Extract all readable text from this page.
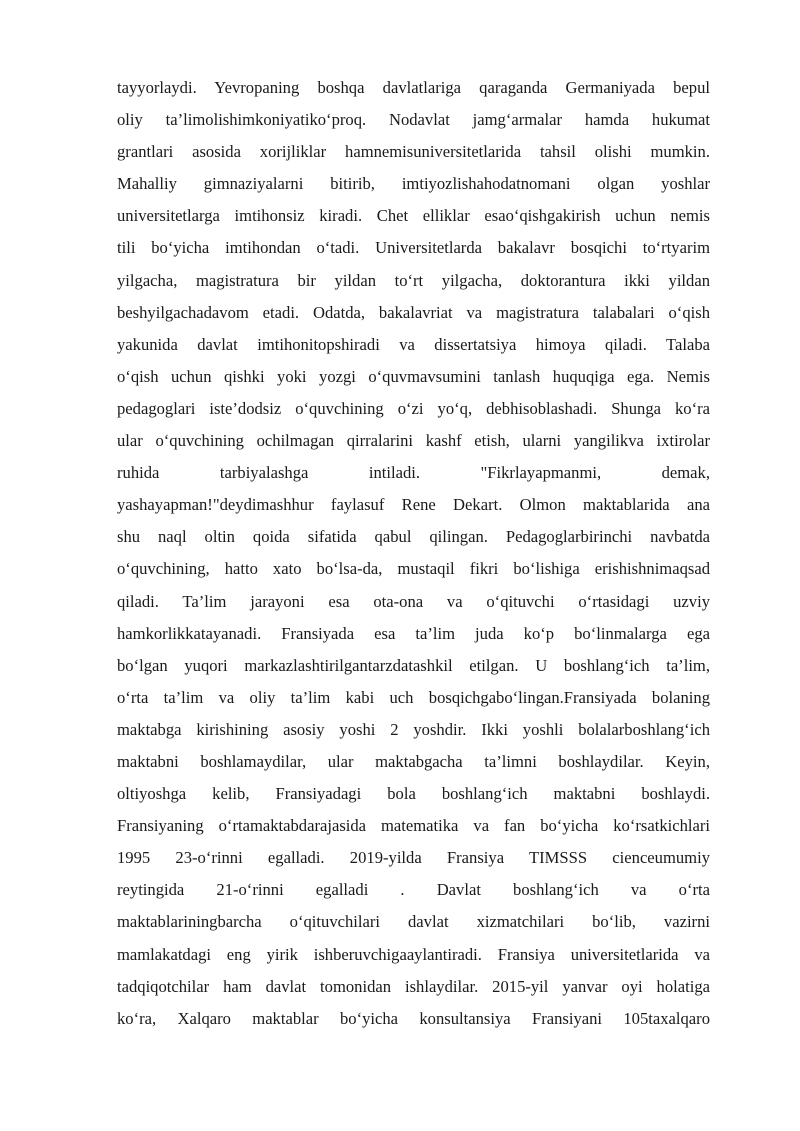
tayyorlaydi. Yevropaning boshqa davlatlariga qaraganda Germaniyada bepul
oliy ta’limolishimkoniyatiko‘proq. Nodavlat jamg‘armalar hamda hukumat
grantlari asosida xorijliklar hamnemisuniversitetlarida tahsil olishi mumkin.
Mahalliy gimnaziyalarni bitirib, imtiyozlishahodatnomani olgan yoshlar
universitetlarga imtihonsiz kiradi. Chet elliklar esao‘qishgakirish uchun nemis
tili bo‘yicha imtihondan o‘tadi. Universitetlarda bakalavr bosqichi to‘rtyarim
yilgacha, magistratura bir yildan to‘rt yilgacha, doktorantura ikki yildan
beshyilgachadavom etadi. Odatda, bakalavriat va magistratura talabalari o‘qish
yakunida davlat imtihonitopshiradi va dissertatsiya himoya qiladi. Talaba
o‘qish uchun qishki yoki yozgi o‘quvmavsumini tanlash huquqiga ega. Nemis
pedagoglari iste’dodsiz o‘quvchining o‘zi yo‘q, debhisoblashadi. Shunga ko‘ra
ular o‘quvchining ochilmagan qirralarini kashf etish, ularni yangilikva ixtirolar
ruhida tarbiyalashga intiladi. "Fikrlayapmanmi, demak,
yashayapman!"deydimashhur faylasuf Rene Dekart. Olmon maktablarida ana
shu naql oltin qoida sifatida qabul qilingan. Pedagoglarbirinchi navbatda
o‘quvchining, hatto xato bo‘lsa-da, mustaqil fikri bo‘lishiga erishishnimaqsad
qiladi. Ta’lim jarayoni esa ota-ona va o‘qituvchi o‘rtasidagi uzviy
hamkorlikkatayanadi. Fransiyada esa ta’lim juda ko‘p bo‘linmalarga ega
bo‘lgan yuqori markazlashtirilgantarzdatashkil etilgan. U boshlang‘ich ta’lim,
o‘rta ta’lim va oliy ta’lim kabi uch bosqichgabo‘lingan.Fransiyada bolaning
maktabga kirishining asosiy yoshi 2 yoshdir. Ikki yoshli bolalarboshlang‘ich
maktabni boshlamaydilar, ular maktabgacha ta’limni boshlaydilar. Keyin,
oltiyoshga kelib, Fransiyadagi bola boshlang‘ich maktabni boshlaydi.
Fransiyaning o‘rtamaktabdarajasida matematika va fan bo‘yicha ko‘rsatkichlari
1995 23-o‘rinni egalladi. 2019-yilda Fransiya TIMSSS cienceumumiy
reytingida 21-o‘rinni egalladi . Davlat boshlang‘ich va o‘rta
maktablariningbarcha o‘qituvchilari davlat xizmatchilari bo‘lib, vazirni
mamlakatdagi eng yirik ishberuvchigaaylantiradi. Fransiya universitetlarida va
tadqiqotchilar ham davlat tomonidan ishlaydilar. 2015-yil yanvar oyi holatiga
ko‘ra, Xalqaro maktablar bo‘yicha konsultansiya Fransiyani 105taxalqaro
